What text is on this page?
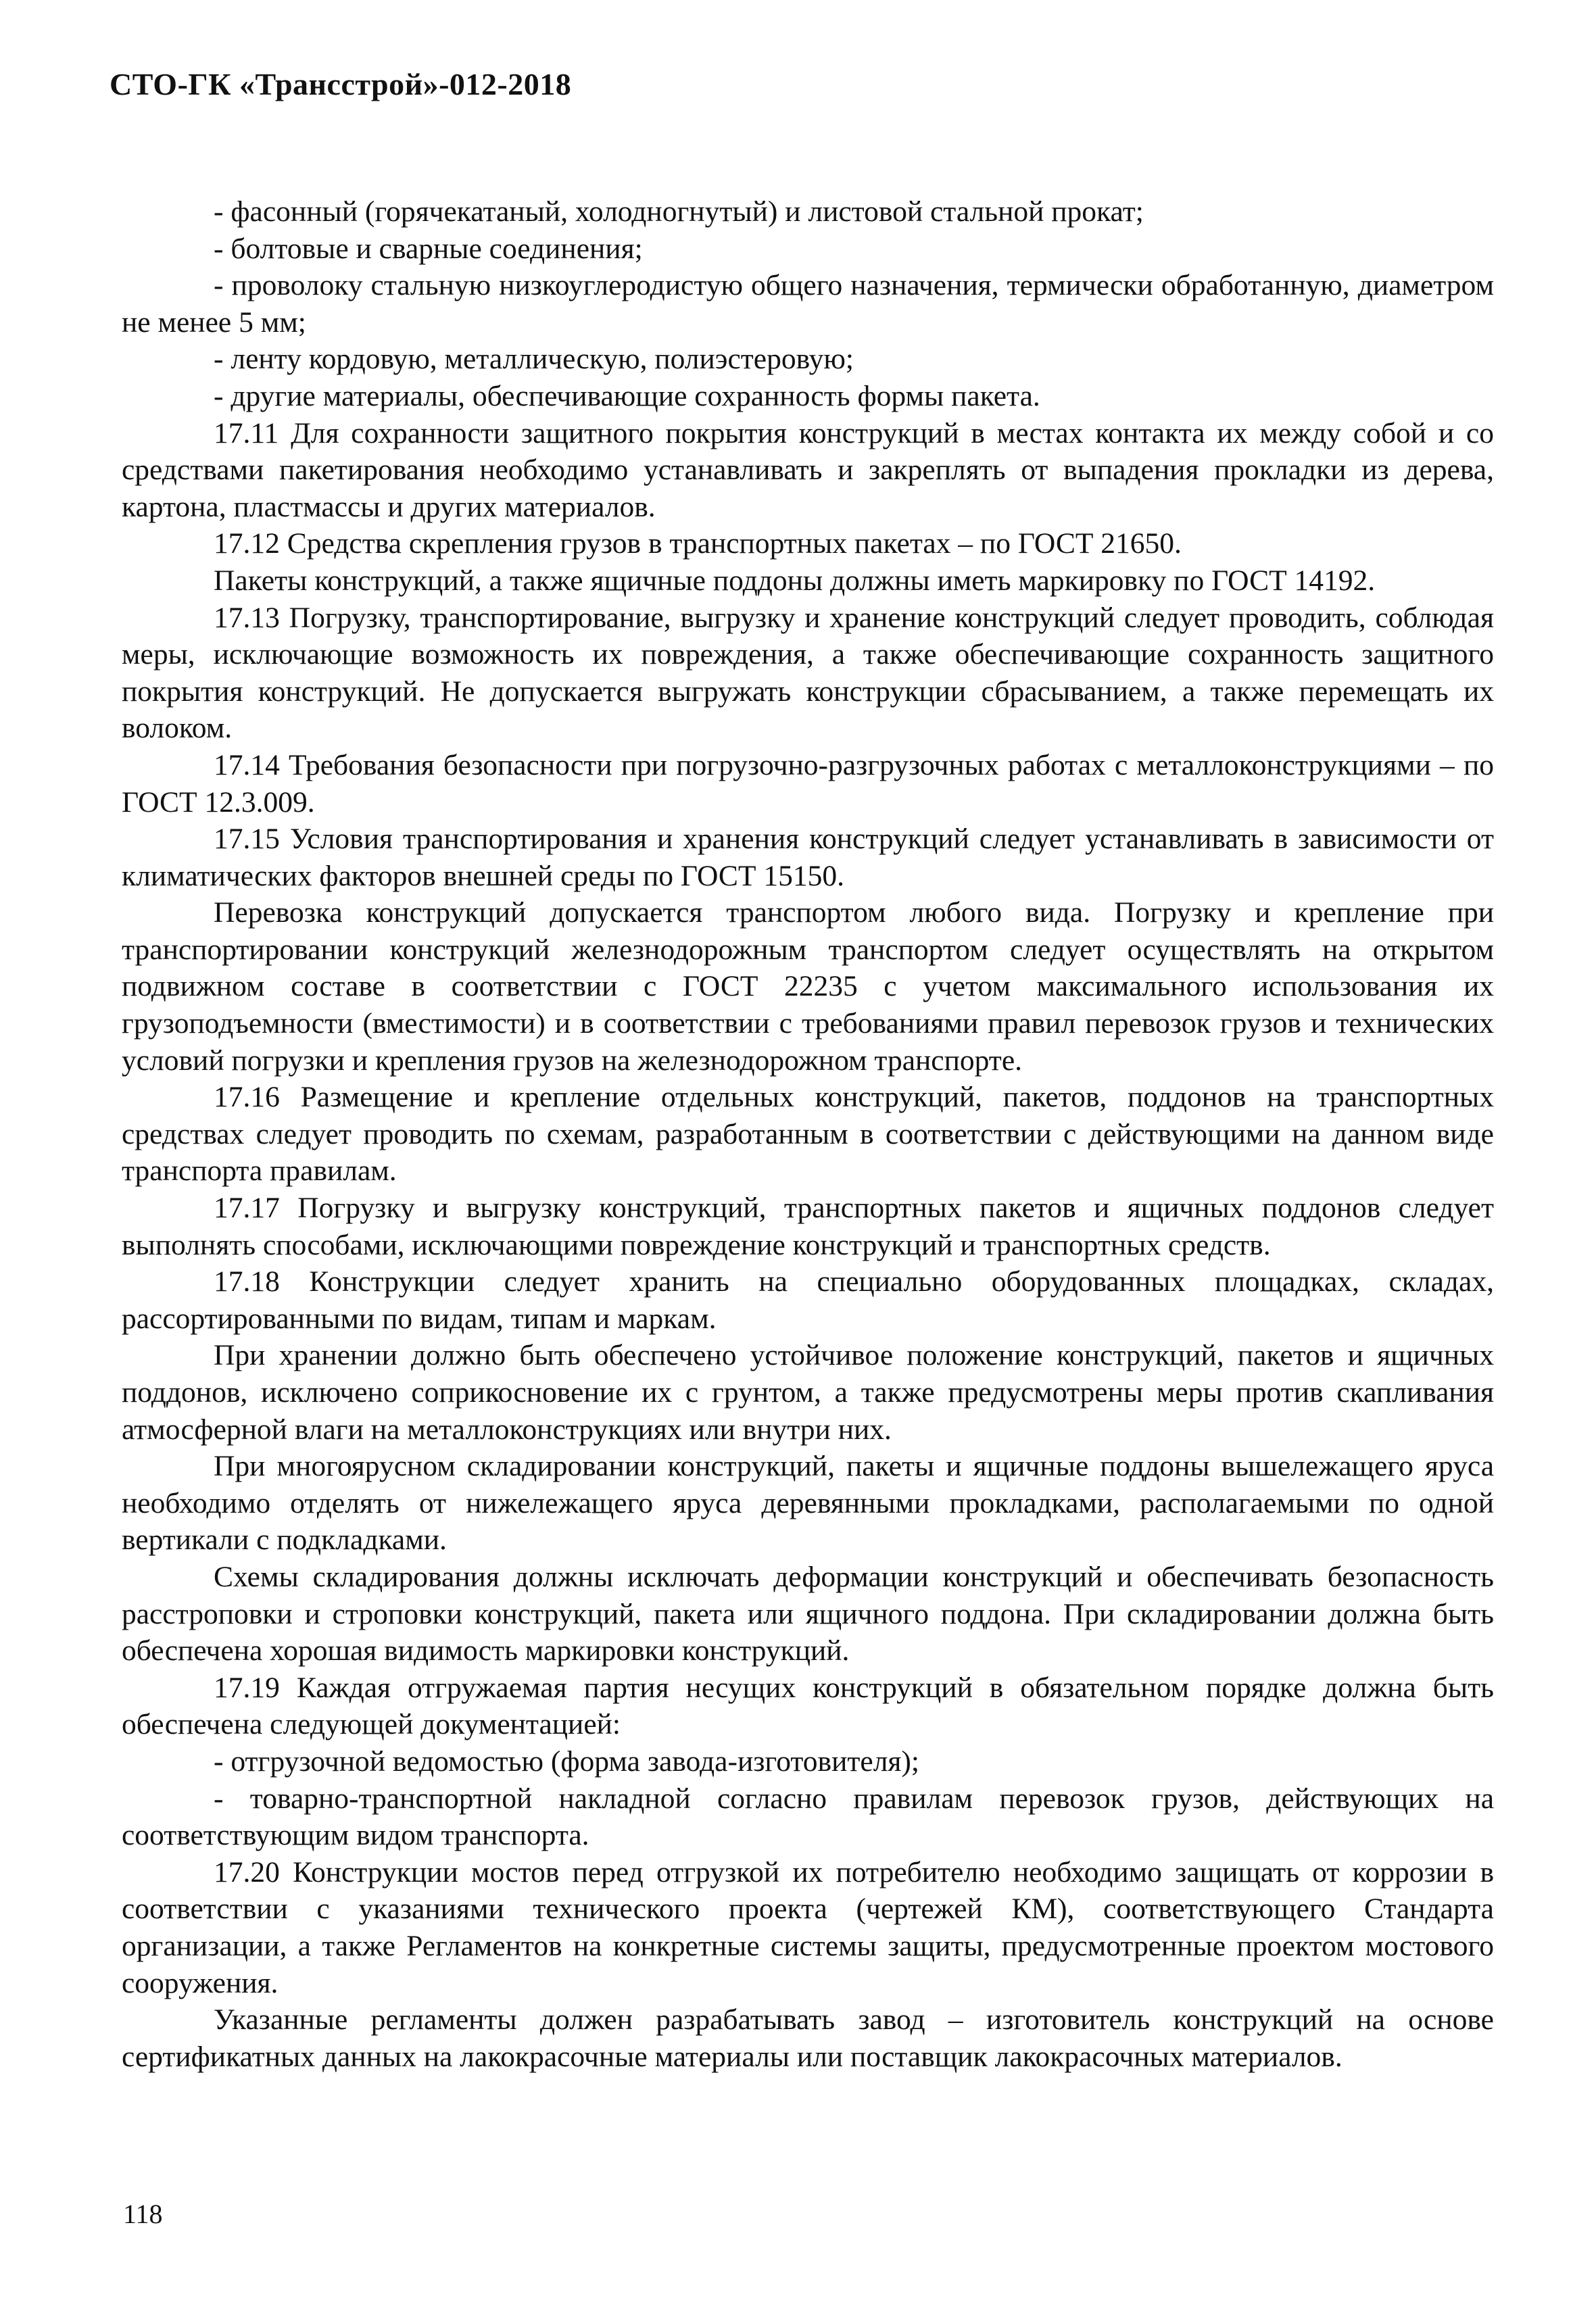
СТО-ГК «Трансстрой»-012-2018

- фасонный (горячекатаный, холодногнутый) и листовой стальной прокат;

- болтовые и сварные соединения;

- проволоку стальную низкоуглеродистую общего назначения, термически обработанную, диаметром не менее 5 мм;

- ленту кордовую, металлическую, полиэстеровую;

- другие материалы, обеспечивающие сохранность формы пакета.

17.11 Для сохранности защитного покрытия конструкций в местах контакта их между собой и со средствами пакетирования необходимо устанавливать и закреплять от выпадения прокладки из дерева, картона, пластмассы и других материалов.

17.12 Средства скрепления грузов в транспортных пакетах – по ГОСТ 21650.

Пакеты конструкций, а также ящичные поддоны должны иметь маркировку по ГОСТ 14192.

17.13 Погрузку, транспортирование, выгрузку и хранение конструкций следует проводить, соблюдая меры, исключающие возможность их повреждения, а также обеспечивающие сохранность защитного покрытия конструкций. Не допускается выгружать конструкции сбрасыванием, а также перемещать их волоком.

17.14 Требования безопасности при погрузочно-разгрузочных работах с металлоконструкциями – по ГОСТ 12.3.009.

17.15 Условия транспортирования и хранения конструкций следует устанавливать в зависимости от климатических факторов внешней среды по ГОСТ 15150.

Перевозка конструкций допускается транспортом любого вида. Погрузку и крепление при транспортировании конструкций железнодорожным транспортом следует осуществлять на открытом подвижном составе в соответствии с ГОСТ 22235 с учетом максимального использования их грузоподъемности (вместимости) и в соответствии с требованиями правил перевозок грузов и технических условий погрузки и крепления грузов на железнодорожном транспорте.

17.16 Размещение и крепление отдельных конструкций, пакетов, поддонов на транспортных средствах следует проводить по схемам, разработанным в соответствии с действующими на данном виде транспорта правилам.

17.17 Погрузку и выгрузку конструкций, транспортных пакетов и ящичных поддонов следует выполнять способами, исключающими повреждение конструкций и транспортных средств.

17.18 Конструкции следует хранить на специально оборудованных площадках, складах, рассортированными по видам, типам и маркам.

При хранении должно быть обеспечено устойчивое положение конструкций, пакетов и ящичных поддонов, исключено соприкосновение их с грунтом, а также предусмотрены меры против скапливания атмосферной влаги на металлоконструкциях или внутри них.

При многоярусном складировании конструкций, пакеты и ящичные поддоны вышележащего яруса необходимо отделять от нижележащего яруса деревянными прокладками, располагаемыми по одной вертикали с подкладками.

Схемы складирования должны исключать деформации конструкций и обеспечивать безопасность расстроповки и строповки конструкций, пакета или ящичного поддона. При складировании должна быть обеспечена хорошая видимость маркировки конструкций.

17.19 Каждая отгружаемая партия несущих конструкций в обязательном порядке должна быть обеспечена следующей документацией:

- отгрузочной ведомостью (форма завода-изготовителя);

- товарно-транспортной накладной согласно правилам перевозок грузов, действующих на соответствующим видом транспорта.

17.20 Конструкции мостов перед отгрузкой их потребителю необходимо защищать от коррозии в соответствии с указаниями технического проекта (чертежей КМ), соответствующего Стандарта организации, а также Регламентов на конкретные системы защиты, предусмотренные проектом мостового сооружения.

Указанные регламенты должен разрабатывать завод – изготовитель конструкций на основе сертификатных данных на лакокрасочные материалы или поставщик лакокрасочных материалов.

118
